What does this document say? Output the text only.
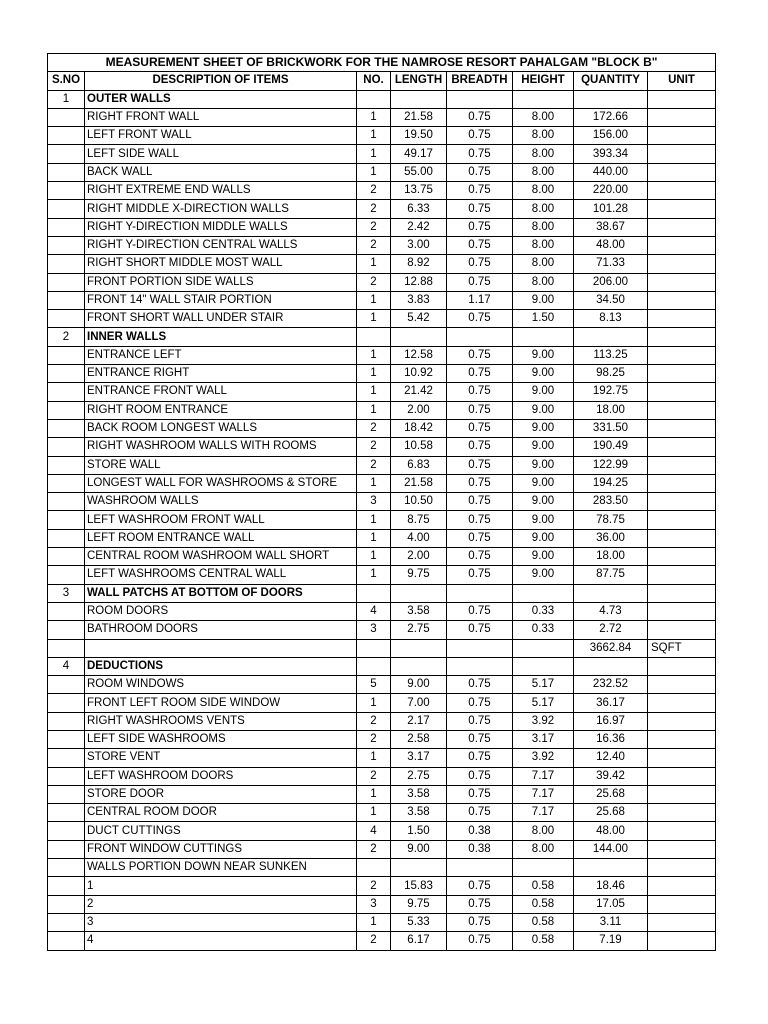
MEASUREMENT SHEET OF BRICKWORK FOR THE NAMROSE RESORT PAHALGAM "BLOCK B"							
S.NO	DESCRIPTION OF ITEMS	NO.	LENGTH	BREADTH	HEIGHT	QUANTITY	UNIT
1	OUTER WALLS						
	RIGHT FRONT WALL	1	21.58	0.75	8.00	172.66	
	LEFT FRONT WALL	1	19.50	0.75	8.00	156.00	
	LEFT SIDE WALL	1	49.17	0.75	8.00	393.34	
	BACK WALL	1	55.00	0.75	8.00	440.00	
	RIGHT EXTREME END WALLS	2	13.75	0.75	8.00	220.00	
	RIGHT MIDDLE X-DIRECTION WALLS	2	6.33	0.75	8.00	101.28	
	RIGHT Y-DIRECTION MIDDLE WALLS	2	2.42	0.75	8.00	38.67	
	RIGHT Y-DIRECTION CENTRAL WALLS	2	3.00	0.75	8.00	48.00	
	RIGHT SHORT MIDDLE MOST WALL	1	8.92	0.75	8.00	71.33	
	FRONT PORTION SIDE WALLS	2	12.88	0.75	8.00	206.00	
	FRONT 14" WALL STAIR PORTION	1	3.83	1.17	9.00	34.50	
	FRONT SHORT WALL UNDER STAIR	1	5.42	0.75	1.50	8.13	
2	INNER WALLS						
	ENTRANCE LEFT	1	12.58	0.75	9.00	113.25	
	ENTRANCE RIGHT	1	10.92	0.75	9.00	98.25	
	ENTRANCE FRONT WALL	1	21.42	0.75	9.00	192.75	
	RIGHT ROOM ENTRANCE	1	2.00	0.75	9.00	18.00	
	BACK ROOM LONGEST WALLS	2	18.42	0.75	9.00	331.50	
	RIGHT WASHROOM WALLS WITH ROOMS	2	10.58	0.75	9.00	190.49	
	STORE WALL	2	6.83	0.75	9.00	122.99	
	LONGEST WALL FOR WASHROOMS & STORE	1	21.58	0.75	9.00	194.25	
	WASHROOM WALLS	3	10.50	0.75	9.00	283.50	
	LEFT WASHROOM FRONT WALL	1	8.75	0.75	9.00	78.75	
	LEFT ROOM ENTRANCE WALL	1	4.00	0.75	9.00	36.00	
	CENTRAL ROOM WASHROOM WALL SHORT	1	2.00	0.75	9.00	18.00	
	LEFT WASHROOMS CENTRAL WALL	1	9.75	0.75	9.00	87.75	
3	WALL PATCHS AT BOTTOM OF DOORS						
	ROOM DOORS	4	3.58	0.75	0.33	4.73	
	BATHROOM DOORS	3	2.75	0.75	0.33	2.72	
						3662.84	SQFT
4	DEDUCTIONS						
	ROOM WINDOWS	5	9.00	0.75	5.17	232.52	
	FRONT LEFT ROOM SIDE WINDOW	1	7.00	0.75	5.17	36.17	
	RIGHT WASHROOMS VENTS	2	2.17	0.75	3.92	16.97	
	LEFT SIDE WASHROOMS	2	2.58	0.75	3.17	16.36	
	STORE VENT	1	3.17	0.75	3.92	12.40	
	LEFT WASHROOM DOORS	2	2.75	0.75	7.17	39.42	
	STORE DOOR	1	3.58	0.75	7.17	25.68	
	CENTRAL ROOM DOOR	1	3.58	0.75	7.17	25.68	
	DUCT CUTTINGS	4	1.50	0.38	8.00	48.00	
	FRONT WINDOW CUTTINGS	2	9.00	0.38	8.00	144.00	
	WALLS PORTION DOWN NEAR SUNKEN						
	1	2	15.83	0.75	0.58	18.46	
	2	3	9.75	0.75	0.58	17.05	
	3	1	5.33	0.75	0.58	3.11	
	4	2	6.17	0.75	0.58	7.19	
